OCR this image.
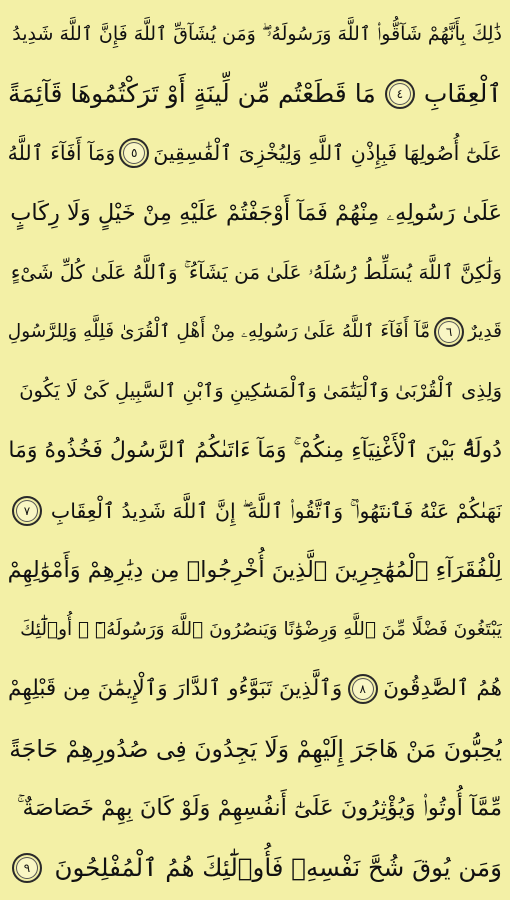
ذَٰلِكَ بِأَنَّهُمْ شَآقُّوا۟ ٱللَّهَ وَرَسُولَهُۥ ۖ وَمَن يُشَآقِّ ٱللَّهَ فَإِنَّ ٱللَّهَ شَدِيدُ
ٱلْعِقَابِ
٤
مَا قَطَعْتُم مِّن لِّينَةٍ أَوْ تَرَكْتُمُوهَا قَآئِمَةً
عَلَىٰٓ أُصُولِهَا فَبِإِذْنِ ٱللَّهِ وَلِيُخْزِىَ ٱلْفَٰسِقِينَ
٥
وَمَآ أَفَآءَ ٱللَّهُ
عَلَىٰ رَسُولِهِۦ مِنْهُمْ فَمَآ أَوْجَفْتُمْ عَلَيْهِ مِنْ خَيْلٍ وَلَا رِكَابٍ
وَلَٰكِنَّ ٱللَّهَ يُسَلِّطُ رُسُلَهُۥ عَلَىٰ مَن يَشَآءُ ۚ وَٱللَّهُ عَلَىٰ كُلِّ شَىْءٍ
قَدِيرٌ
٦
مَّآ أَفَآءَ ٱللَّهُ عَلَىٰ رَسُولِهِۦ مِنْ أَهْلِ ٱلْقُرَىٰ فَلِلَّهِ وَلِلرَّسُولِ
وَلِذِى ٱلْقُرْبَىٰ وَٱلْيَتَٰمَىٰ وَٱلْمَسَٰكِينِ وَٱبْنِ ٱلسَّبِيلِ كَىْ لَا يَكُونَ
دُولَةًۢ بَيْنَ ٱلْأَغْنِيَآءِ مِنكُمْ ۚ وَمَآ ءَاتَىٰكُمُ ٱلرَّسُولُ فَخُذُوهُ وَمَا
نَهَىٰكُمْ عَنْهُ فَٱنتَهُوا۟ ۚ وَٱتَّقُوا۟ ٱللَّهَ ۖ إِنَّ ٱللَّهَ شَدِيدُ ٱلْعِقَابِ
٧
لِلْفُقَرَآءِ ٱلْمُهَٰجِرِينَ ٱلَّذِينَ أُخْرِجُوا۟ مِن دِيَٰرِهِمْ وَأَمْوَٰلِهِمْ
يَبْتَغُونَ فَضْلًا مِّنَ ٱللَّهِ وَرِضْوَٰنًا وَيَنصُرُونَ ٱللَّهَ وَرَسُولَهُۥٓ ۚ أُو۟لَٰٓئِكَ
هُمُ ٱلصَّٰدِقُونَ
٨
وَٱلَّذِينَ تَبَوَّءُو ٱلدَّارَ وَٱلْإِيمَٰنَ مِن قَبْلِهِمْ
يُحِبُّونَ مَنْ هَاجَرَ إِلَيْهِمْ وَلَا يَجِدُونَ فِى صُدُورِهِمْ حَاجَةً
مِّمَّآ أُوتُوا۟ وَيُؤْثِرُونَ عَلَىٰٓ أَنفُسِهِمْ وَلَوْ كَانَ بِهِمْ خَصَاصَةٌ ۚ
وَمَن يُوقَ شُحَّ نَفْسِهِۦ فَأُو۟لَٰٓئِكَ هُمُ ٱلْمُفْلِحُونَ
٩
